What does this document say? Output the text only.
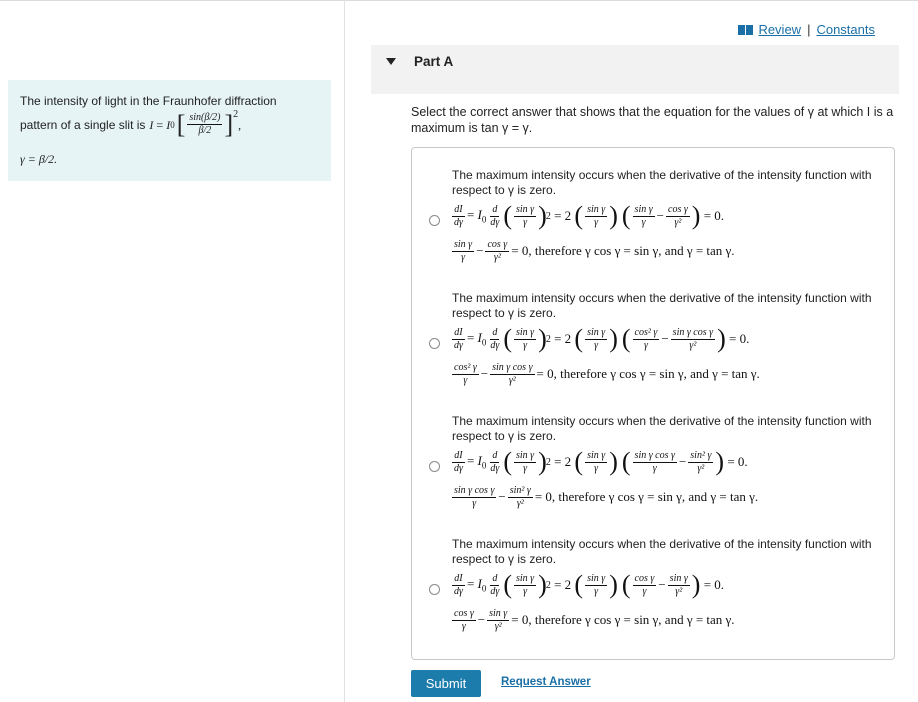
The intensity of light in the Fraunhofer diffraction
pattern of a single slit is I = I 0 [ $\frac{\sin(\beta/2)}{\beta/2}$ ] 2
,
γ = β/2.
Review | Constants
Part A
Select the correct answer that shows that the equation for the values of γ at which I is a maximum is tan γ = γ.
The maximum intensity occurs when the derivative of the intensity function with respect to γ is zero.
$\frac{dI}{d\gamma} = I_0 \frac{d}{d\gamma}$ ( $\frac{\text{sin γ}}{\gamma}$ ) 2 = 2 ( $\frac{\text{sin γ}}{\gamma}$ ) ( $\frac{\text{sin γ}}{\gamma} - \frac{\text{cos γ}}{\text{γ²}}$ ) = 0.
$\frac{\text{sin γ}}{\gamma} - \frac{\text{cos γ}}{\text{γ²}} = 0$, therefore γ cos γ = sin γ, and γ = tan γ.
The maximum intensity occurs when the derivative of the intensity function with respect to γ is zero.
$\frac{dI}{d\gamma} = I_0 \frac{d}{d\gamma}$ ( $\frac{\text{sin γ}}{\gamma}$ ) 2 = 2 ( $\frac{\text{sin γ}}{\gamma}$ ) ( $\frac{\text{cos² γ}}{\gamma} - \frac{\text{sin γ cos γ}}{\text{γ²}}$ ) = 0.
$\frac{\text{cos² γ}}{\gamma} - \frac{\text{sin γ cos γ}}{\text{γ²}} = 0$, therefore γ cos γ = sin γ, and γ = tan γ.
The maximum intensity occurs when the derivative of the intensity function with respect to γ is zero.
$\frac{dI}{d\gamma} = I_0 \frac{d}{d\gamma}$ ( $\frac{\text{sin γ}}{\gamma}$ ) 2 = 2 ( $\frac{\text{sin γ}}{\gamma}$ ) ( $\frac{\text{sin γ cos γ}}{\gamma} - \frac{\text{sin² γ}}{\text{γ²}}$ ) = 0.
$\frac{\text{sin γ cos γ}}{\gamma} - \frac{\text{sin² γ}}{\text{γ²}} = 0$, therefore γ cos γ = sin γ, and γ = tan γ.
The maximum intensity occurs when the derivative of the intensity function with respect to γ is zero.
$\frac{dI}{d\gamma} = I_0 \frac{d}{d\gamma}$ ( $\frac{\text{sin γ}}{\gamma}$ ) 2 = 2 ( $\frac{\text{sin γ}}{\gamma}$ ) ( $\frac{\text{cos γ}}{\gamma} - \frac{\text{sin γ}}{\text{γ²}}$ ) = 0.
$\frac{\text{cos γ}}{\gamma} - \frac{\text{sin γ}}{\text{γ²}} = 0$, therefore γ cos γ = sin γ, and γ = tan γ.
Submit	Request Answer
